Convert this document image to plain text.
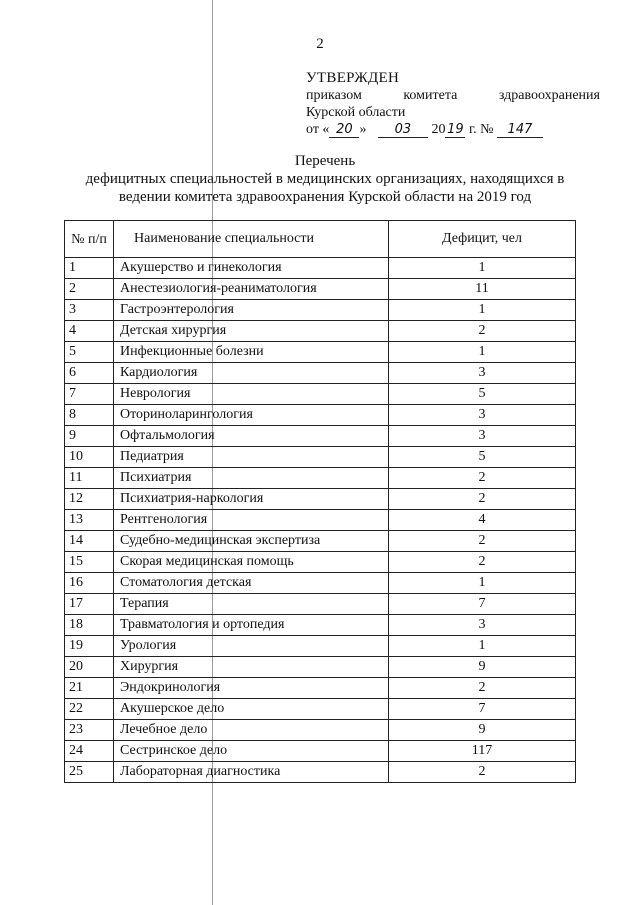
2
УТВЕРЖДЕН
приказом	комитета	здравоохранения
Курской области
от « 20 » 03 20 19 г. № 147
Перечень
дефицитных специальностей в медицинских организациях, находящихся в
ведении комитета здравоохранения Курской области на 2019 год
№ п/п	Наименование специальности	Дефицит, чел
1	Акушерство и гинекология	1
2	Анестезиология-реаниматология	11
3	Гастроэнтерология	1
4	Детская хирургия	2
5	Инфекционные болезни	1
6	Кардиология	3
7	Неврология	5
8	Оториноларингология	3
9	Офтальмология	3
10	Педиатрия	5
11	Психиатрия	2
12	Психиатрия-наркология	2
13	Рентгенология	4
14	Судебно-медицинская экспертиза	2
15	Скорая медицинская помощь	2
16	Стоматология детская	1
17	Терапия	7
18	Травматология и ортопедия	3
19	Урология	1
20	Хирургия	9
21	Эндокринология	2
22	Акушерское дело	7
23	Лечебное дело	9
24	Сестринское дело	117
25	Лабораторная диагностика	2
